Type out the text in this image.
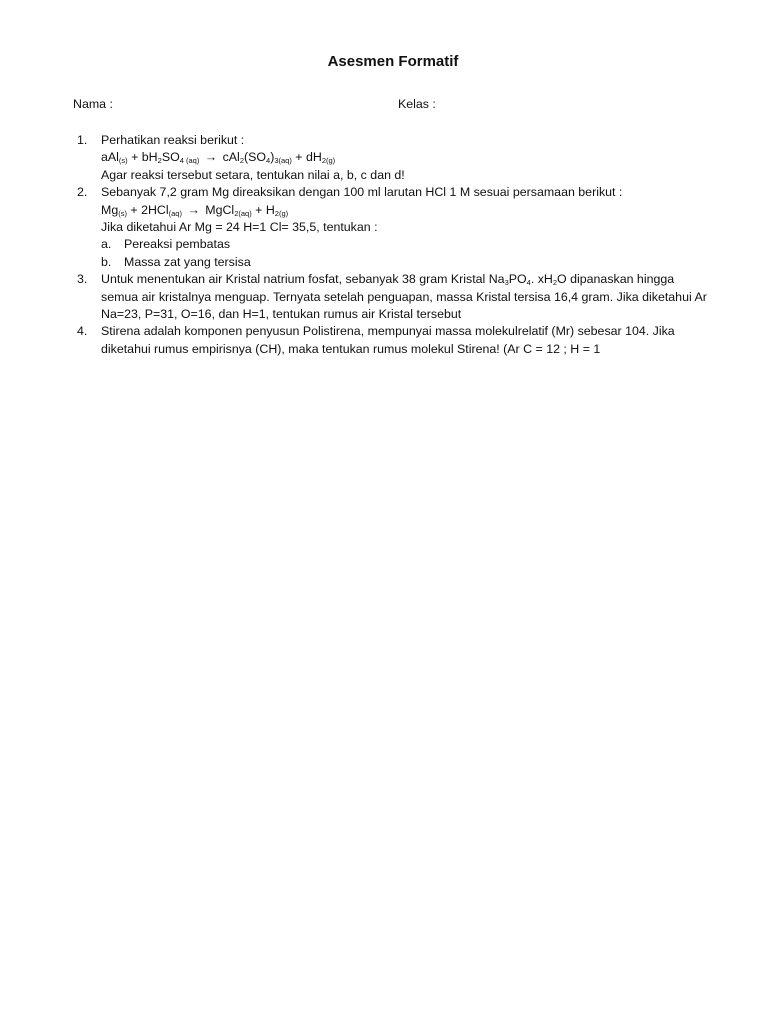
Asesmen Formatif
Nama :	Kelas :
1. Perhatikan reaksi berikut :
$aAl_{(s)} + bH_2SO_{4 (aq)} \to cAl_2(SO_4)_{3(aq)} + dH_{2(g)}$
Agar reaksi tersebut setara, tentukan nilai a, b, c dan d!
2. Sebanyak 7,2 gram Mg direaksikan dengan 100 ml larutan HCl 1 M sesuai persamaan berikut :
$Mg_{(s)} + 2HCl_{(aq)}$ → MgCl$_{2(aq)}$ + $H_{2(g)}$
Jika diketahui Ar Mg = 24 H=1 Cl= 35,5, tentukan :
a. Pereaksi pembatas
b. Massa zat yang tersisa
3. Untuk menentukan air Kristal natrium fosfat, sebanyak 38 gram Kristal $Na_3PO_4$. $xH_2O$ dipanaskan hingga semua air kristalnya menguap. Ternyata setelah penguapan, massa Kristal tersisa 16,4 gram. Jika diketahui Ar Na=23, P=31, O=16, dan H=1, tentukan rumus air Kristal tersebut
4. Stirena adalah komponen penyusun Polistirena, mempunyai massa molekulrelatif (Mr) sebesar 104. Jika diketahui rumus empirisnya (CH), maka tentukan rumus molekul Stirena! (Ar C = 12 ; H = 1
